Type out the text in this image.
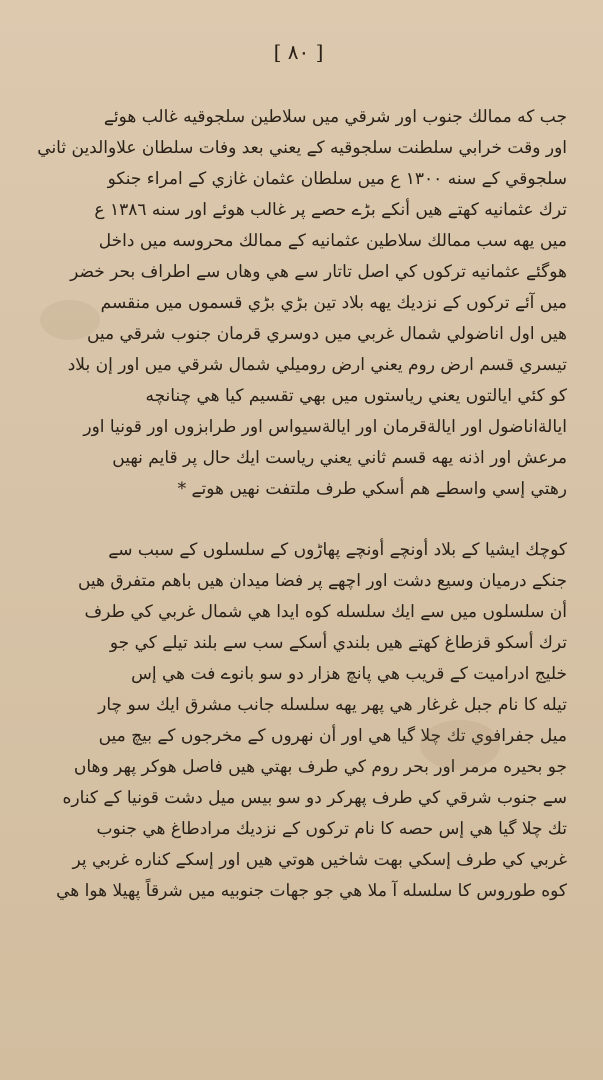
[ ٨٠ ]
جب كه ممالك جنوب اور شرقي ميں سلاطين سلجوقيه غالب هوئے
اور وقت خرابي سلطنت سلجوقيه كے يعني بعد وفات سلطان علاوالدين ثاني
سلجوقي كے سنه ١٣٠٠ ع ميں سلطان عثمان غازي كے امراء جنكو
ترك عثمانيه كهتے هيں أنكے بڑے حصے پر غالب هوئے اور سنه ١٣٨٦ ع
ميں يهه سب ممالك سلاطين عثمانيه كے ممالك محروسه ميں داخل
هوگئے عثمانيه تركوں كي اصل تاتار سے هي وهاں سے اطراف بحر خضر
ميں آئے تركوں كے نزديك يهه بلاد تين بڑي بڑي قسموں ميں منقسم
هيں اول اناضولي شمال غربي ميں دوسري قرمان جنوب شرقي ميں
تيسري قسم ارض روم يعني ارض روميلي شمال شرقي ميں اور إن بلاد
كو كئي ايالتوں يعني رياستوں ميں بهي تقسيم كيا هي چنانچه
ايالةاناضول اور ايالةقرمان اور ايالةسيواس اور طرابزوں اور قونيا اور
مرعش اور اذنه يهه قسم ثاني يعني رياست ايك حال پر قايم نهيں
رهتي إسي واسطے هم أسكي طرف ملتفت نهيں هوتے *
كوچك ايشيا كے بلاد أونچے أونچے پهاڑوں كے سلسلوں كے سبب سے
جنكے درميان وسيع دشت اور اچهے پر فضا ميدان هيں باهم متفرق هيں
أن سلسلوں ميں سے ايك سلسله كوه ايدا هي شمال غربي كي طرف
ترك أسكو قزطاغ كهتے هيں بلندي أسكے سب سے بلند تيلے كي جو
خليج ادراميت كے قريب هي پانچ هزار دو سو بانوے فت هي إس
تيله كا نام جبل غرغار هي پهر يهه سلسله جانب مشرق ايك سو چار
ميل جفرافوي تك چلا گيا هي اور أن نهروں كے مخرجوں كے بيچ ميں
جو بحيره مرمر اور بحر روم كي طرف بهتي هيں فاصل هوكر پهر وهاں
سے جنوب شرقي كي طرف پهركر دو سو بيس ميل دشت قونيا كے كناره
تك چلا گيا هي إس حصه كا نام تركوں كے نزديك مرادطاغ هي جنوب
غربي كي طرف إسكي بهت شاخيں هوتي هيں اور إسكے كناره غربي پر
كوه طوروس كا سلسله آ ملا هي جو جهات جنوبيه ميں شرقاً پهيلا هوا هي
